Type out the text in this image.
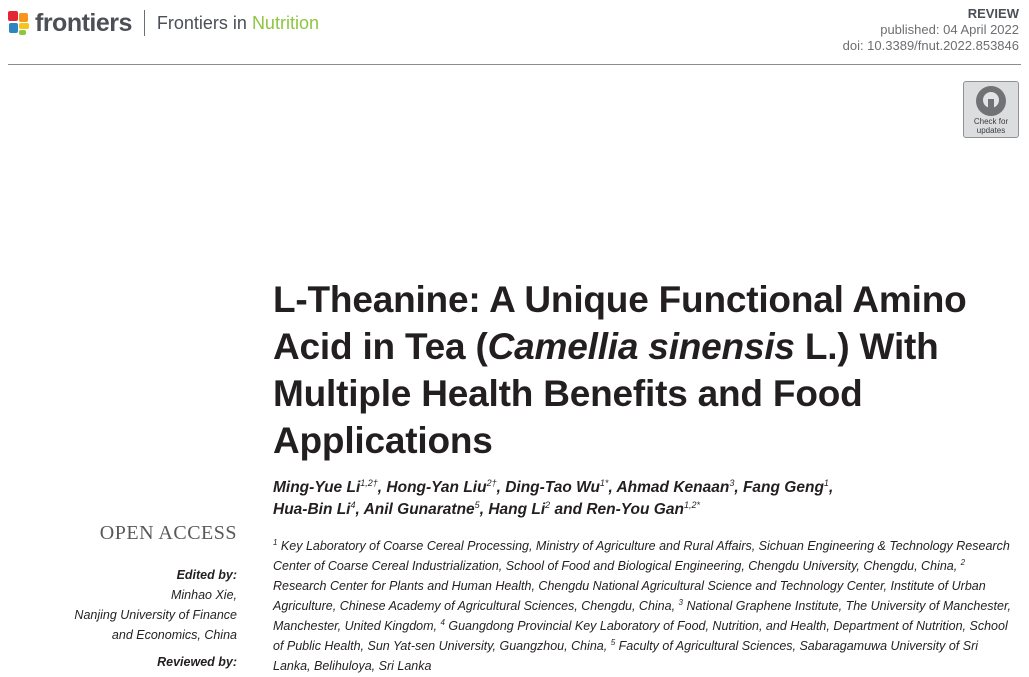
frontiers Frontiers in Nutrition	REVIEW
published: 04 April 2022
doi: 10.3389/fnut.2022.853846
Check for
updates
L-Theanine: A Unique Functional Amino Acid in Tea (Camellia sinensis L.) With Multiple Health Benefits and Food Applications
Ming-Yue $Li^{1,2\dagger}$, Hong-Yan Liu$^{2\dagger}$, Ding-Tao $Wu^{1*}$, Ahmad Kenaan$^3$, Fang Geng$^1$,
Hua-Bin Li$^4$, Anil Gunaratne$^5$, Hang Li$^2$ and Ren-You Gan$^{1,2*}$
$^1$ Key Laboratory of Coarse Cereal Processing, Ministry of Agriculture and Rural Affairs, Sichuan Engineering & Technology Research Center of Coarse Cereal Industrialization, School of Food and Biological Engineering, Chengdu University, Chengdu, China, $^2$ Research Center for Plants and Human Health, Chengdu National Agricultural Science and Technology Center, Institute of Urban Agriculture, Chinese Academy of Agricultural Sciences, Chengdu, China, $^3$ National Graphene Institute, The University of Manchester, Manchester, United Kingdom, $^4$ Guangdong Provincial Key Laboratory of Food, Nutrition, and Health, Department of Nutrition, School of Public Health, Sun Yat-sen University, Guangzhou, China, $^5$ Faculty of Agricultural Sciences, Sabaragamuwa University of Sri Lanka, Belihuloya, Sri Lanka
OPEN ACCESS
Edited by:
Minhao Xie,
Nanjing University of Finance
and Economics, China
Reviewed by:
